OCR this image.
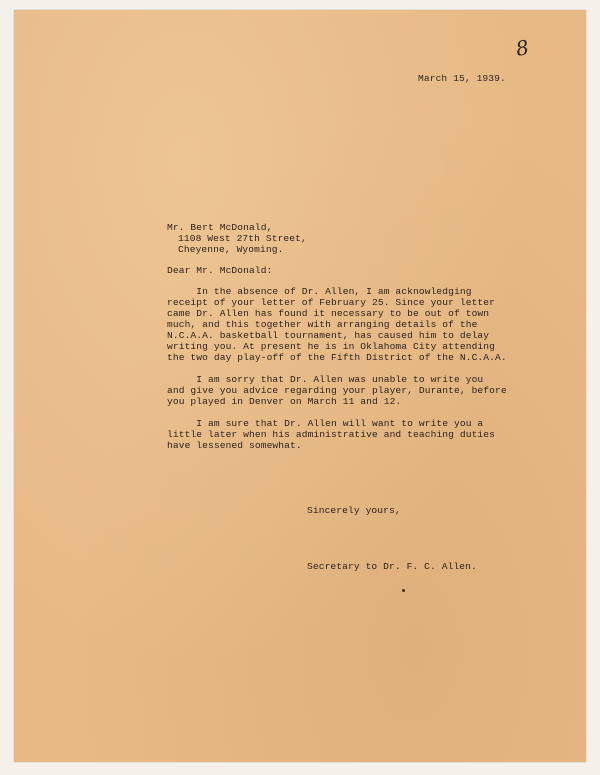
8
March 15, 1939.
Mr. Bert McDonald,
1108 West 27th Street,
Cheyenne, Wyoming.
Dear Mr. McDonald:
In the absence of Dr. Allen, I am acknowledging
receipt of your letter of February 25. Since your letter
came Dr. Allen has found it necessary to be out of town
much, and this together with arranging details of the
N.C.A.A. basketball tournament, has caused him to delay
writing you. At present he is in Oklahoma City attending
the two day play-off of the Fifth District of the N.C.A.A.
I am sorry that Dr. Allen was unable to write you
and give you advice regarding your player, Durante, before
you played in Denver on March 11 and 12.
I am sure that Dr. Allen will want to write you a
little later when his administrative and teaching duties
have lessened somewhat.
Sincerely yours,
Secretary to Dr. F. C. Allen.
